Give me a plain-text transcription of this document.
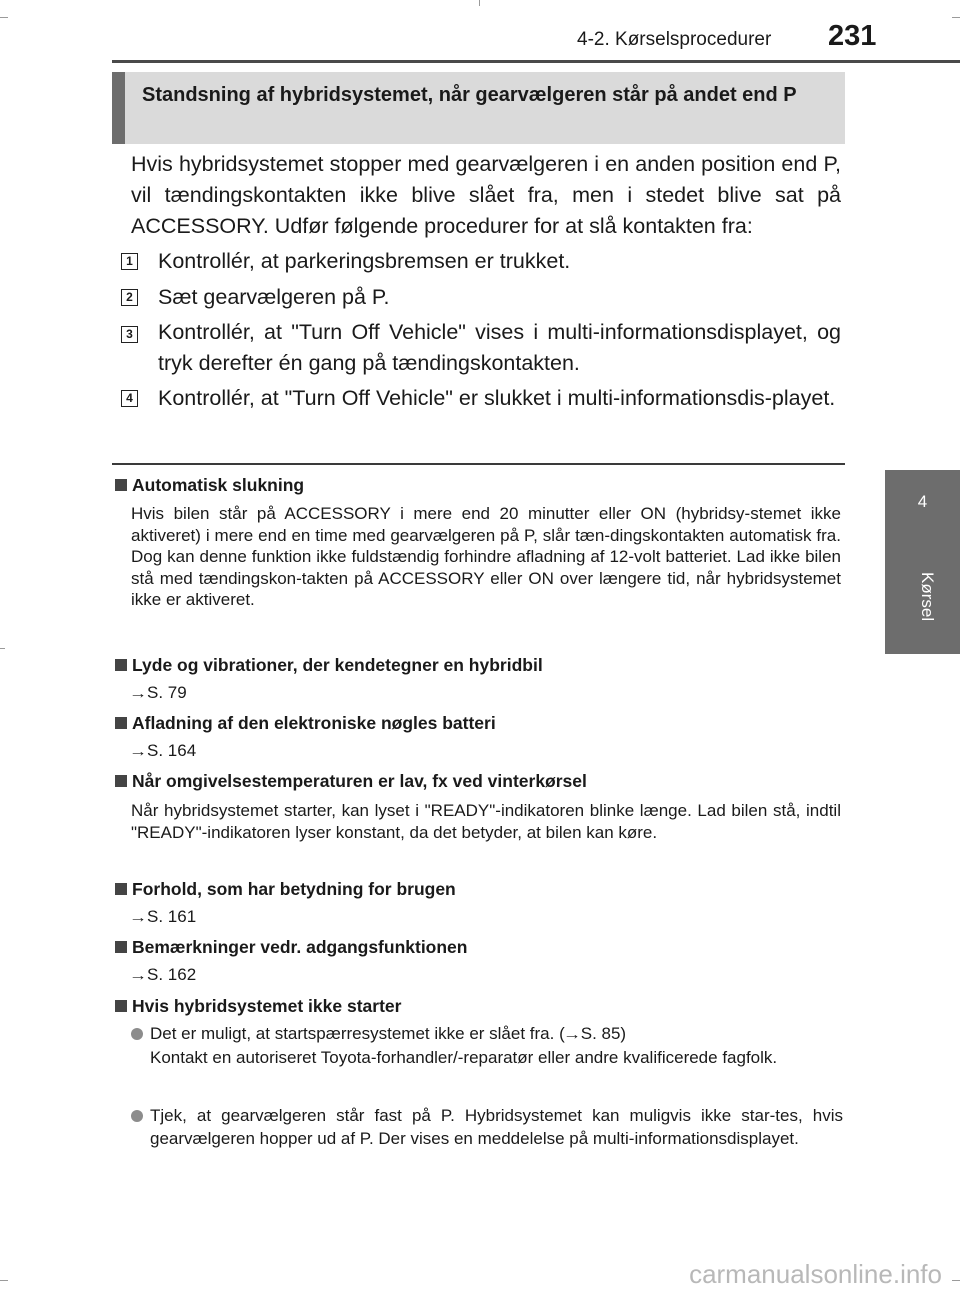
4-2. Kørselsprocedurer 231
4
Kørsel
Standsning af hybridsystemet, når gearvælgeren står på andet end P
Hvis hybridsystemet stopper med gearvælgeren i en anden position end P, vil tændingskontakten ikke blive slået fra, men i stedet blive sat på ACCESSORY. Udfør følgende procedurer for at slå kontakten fra:
1 Kontrollér, at parkeringsbremsen er trukket.
2 Sæt gearvælgeren på P.
3 Kontrollér, at "Turn Off Vehicle" vises i multi-informationsdisplayet, og tryk derefter én gang på tændingskontakten.
4 Kontrollér, at "Turn Off Vehicle" er slukket i multi-informationsdis-playet.
Automatisk slukning
Hvis bilen står på ACCESSORY i mere end 20 minutter eller ON (hybridsy-stemet ikke aktiveret) i mere end en time med gearvælgeren på P, slår tæn-dingskontakten automatisk fra. Dog kan denne funktion ikke fuldstændig forhindre afladning af 12-volt batteriet. Lad ikke bilen stå med tændingskon-takten på ACCESSORY eller ON over længere tid, når hybridsystemet ikke er aktiveret.
Lyde og vibrationer, der kendetegner en hybridbil
→S. 79
Afladning af den elektroniske nøgles batteri
→S. 164
Når omgivelsestemperaturen er lav, fx ved vinterkørsel
Når hybridsystemet starter, kan lyset i "READY"-indikatoren blinke længe. Lad bilen stå, indtil "READY"-indikatoren lyser konstant, da det betyder, at bilen kan køre.
Forhold, som har betydning for brugen
→S. 161
Bemærkninger vedr. adgangsfunktionen
→S. 162
Hvis hybridsystemet ikke starter
Det er muligt, at startspærresystemet ikke er slået fra. (→S. 85)
Kontakt en autoriseret Toyota-forhandler/-reparatør eller andre kvalificerede fagfolk.
Tjek, at gearvælgeren står fast på P. Hybridsystemet kan muligvis ikke star-tes, hvis gearvælgeren hopper ud af P. Der vises en meddelelse på multi-informationsdisplayet.
carmanualsonline.info
